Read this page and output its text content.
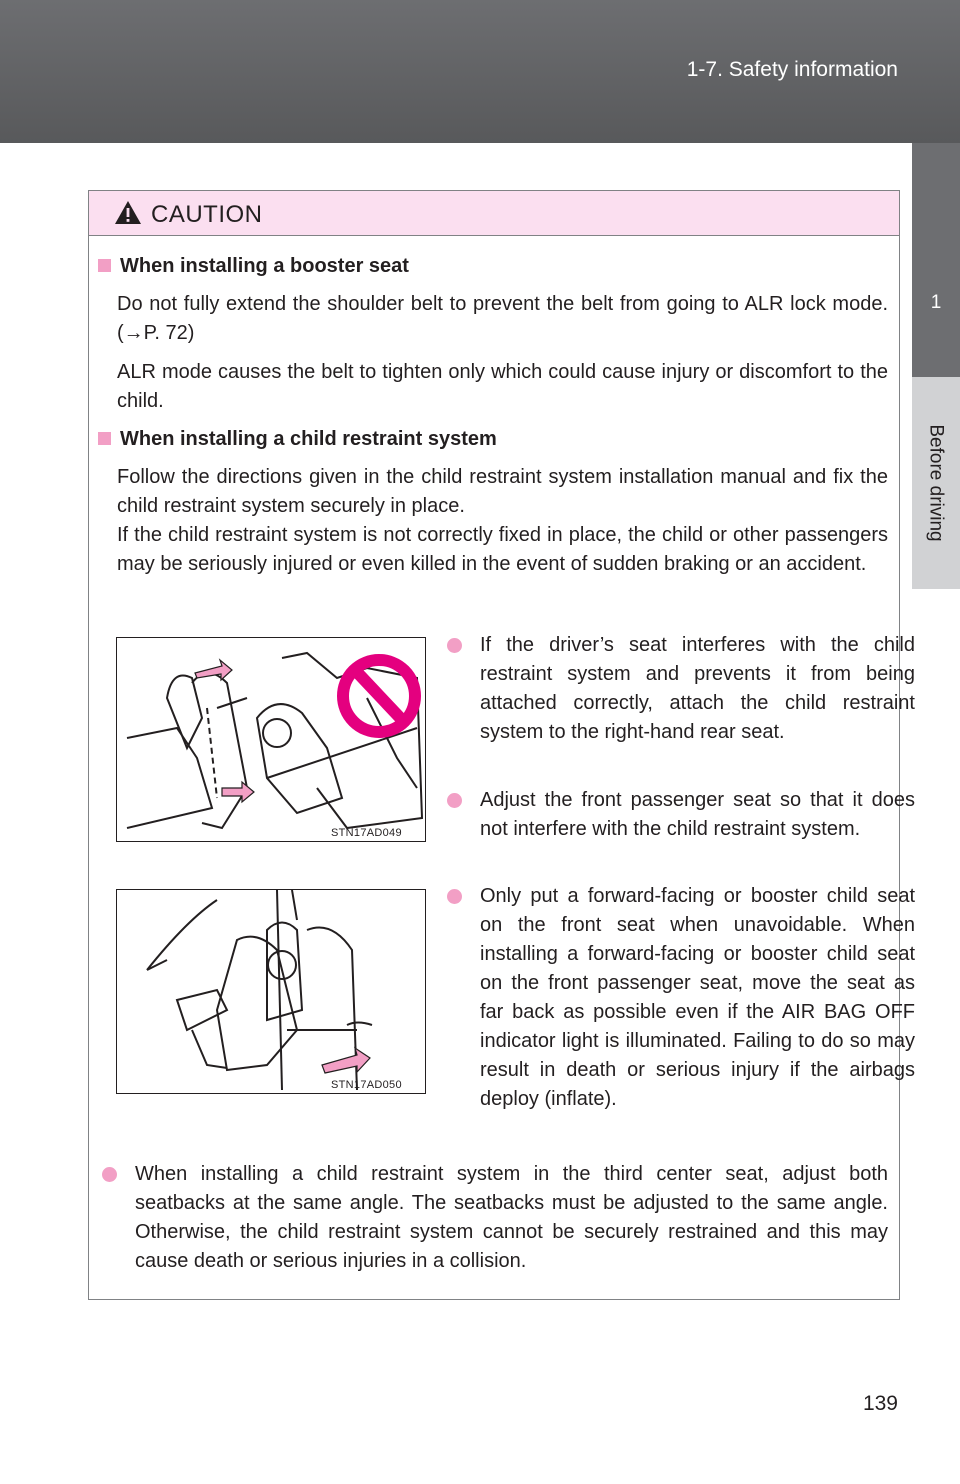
1-7. Safety information
1
Before driving
CAUTION
When installing a booster seat
Do not fully extend the shoulder belt to prevent the belt from going to ALR lock mode. (→P. 72)
ALR mode causes the belt to tighten only which could cause injury or discomfort to the child.
When installing a child restraint system
Follow the directions given in the child restraint system installation manual and fix the child restraint system securely in place.
If the child restraint system is not correctly fixed in place, the child or other passengers may be seriously injured or even killed in the event of sudden braking or an accident.
STN17AD049
STN17AD050
If the driver’s seat interferes with the child restraint system and prevents it from being attached correctly, attach the child restraint system to the right-hand rear seat.
Adjust the front passenger seat so that it does not interfere with the child restraint system.
Only put a forward-facing or booster child seat on the front seat when unavoidable. When installing a forward-facing or booster child seat on the front passenger seat, move the seat as far back as possible even if the AIR BAG OFF indicator light is illuminated. Failing to do so may result in death or serious injury if the airbags deploy (inflate).
When installing a child restraint system in the third center seat, adjust both seatbacks at the same angle. The seatbacks must be adjusted to the same angle. Otherwise, the child restraint system cannot be securely restrained and this may cause death or serious injuries in a collision.
139
